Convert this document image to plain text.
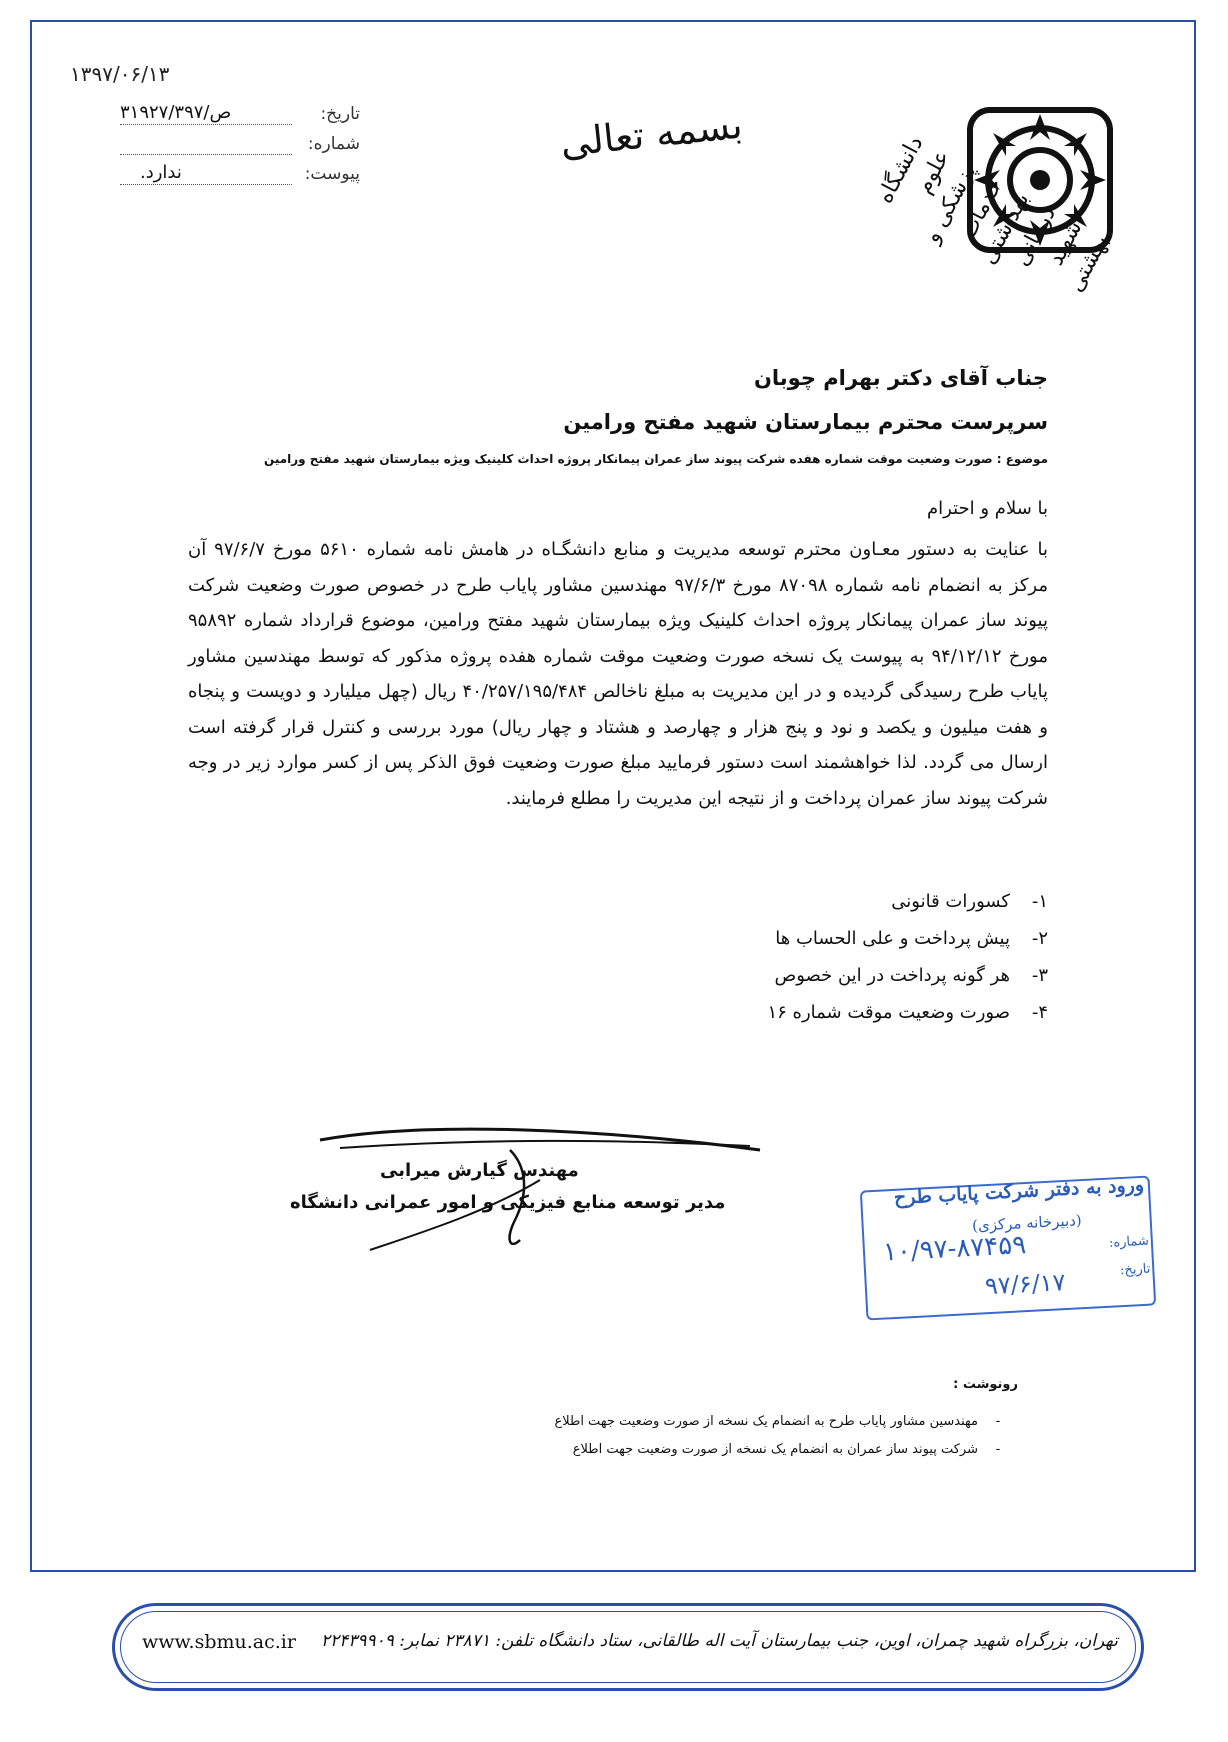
۱۳۹۷/۰۶/۱۳
تاریخ:
۳۱۹۲۷/ص/۳۹۷
شماره:
پیوست:
ندارد.
بسمه تعالی	دانشگاه علوم پزشکی و خدمات بهداشتی درمانی شهید بهشتی
جناب آقای دکتر بهرام چوبان
سرپرست محترم بیمارستان شهید مفتح ورامین
موضوع : صورت وضعیت موقت شماره هفده شرکت پیوند ساز عمران پیمانکار پروژه احداث کلینیک ویژه بیمارستان شهید مفتح ورامین
با سلام و احترام
با عنایت به دستور معـاون محترم توسعه مدیریت و منابع دانشگـاه در هامش نامه شماره ۵۶۱۰ مورخ ۹۷/۶/۷ آن مرکز به انضمام نامه شماره ۸۷۰۹۸ مورخ ۹۷/۶/۳ مهندسین مشاور پایاب طرح در خصوص صورت وضعیت شرکت پیوند ساز عمران پیمانکار پروژه احداث کلینیک ویژه بیمارستان شهید مفتح ورامین، موضوع قرارداد شماره ۹۵۸۹۲ مورخ ۹۴/۱۲/۱۲ به پیوست یک نسخه صورت وضعیت موقت شماره هفده پروژه مذکور که توسط مهندسین مشاور پایاب طرح رسیدگی گردیده و در این مدیریت به مبلغ ناخالص ۴۰/۲۵۷/۱۹۵/۴۸۴ ریال (چهل میلیارد و دویست و پنجاه و هفت میلیون و یکصد و نود و پنج هزار و چهارصد و هشتاد و چهار ریال) مورد بررسی و کنترل قرار گرفته است ارسال می گردد. لذا خواهشمند است دستور فرمایید مبلغ صورت وضعیت فوق الذکر پس از کسر موارد زیر در وجه شرکت پیوند ساز عمران پرداخت و از نتیجه این مدیریت را مطلع فرمایند.
۱-کسورات قانونی
۲-پیش پرداخت و علی الحساب ها
۳-هر گونه پرداخت در این خصوص
۴-صورت وضعیت موقت شماره ۱۶
مهندس گیارش میرابی
مدیر توسعه منابع فیزیکی و امور عمرانی دانشگاه	ورود به دفتر شرکت پایاب طرح
(دبیرخانه مرکزی)
شماره:
تاریخ:
۱۰/۹۷-۸۷۴۵۹
۹۷/۶/۱۷
رونوشت :
-مهندسین مشاور پایاب طرح به انضمام یک نسخه از صورت وضعیت جهت اطلاع
-شرکت پیوند ساز عمران به انضمام یک نسخه از صورت وضعیت جهت اطلاع
www.sbmu.ac.ir تهران، بزرگراه شهید چمران، اوین، جنب بیمارستان آیت اله طالقانی، ستاد دانشگاه تلفن: ۲۳۸۷۱ نمابر: ۲۲۴۳۹۹۰۹
